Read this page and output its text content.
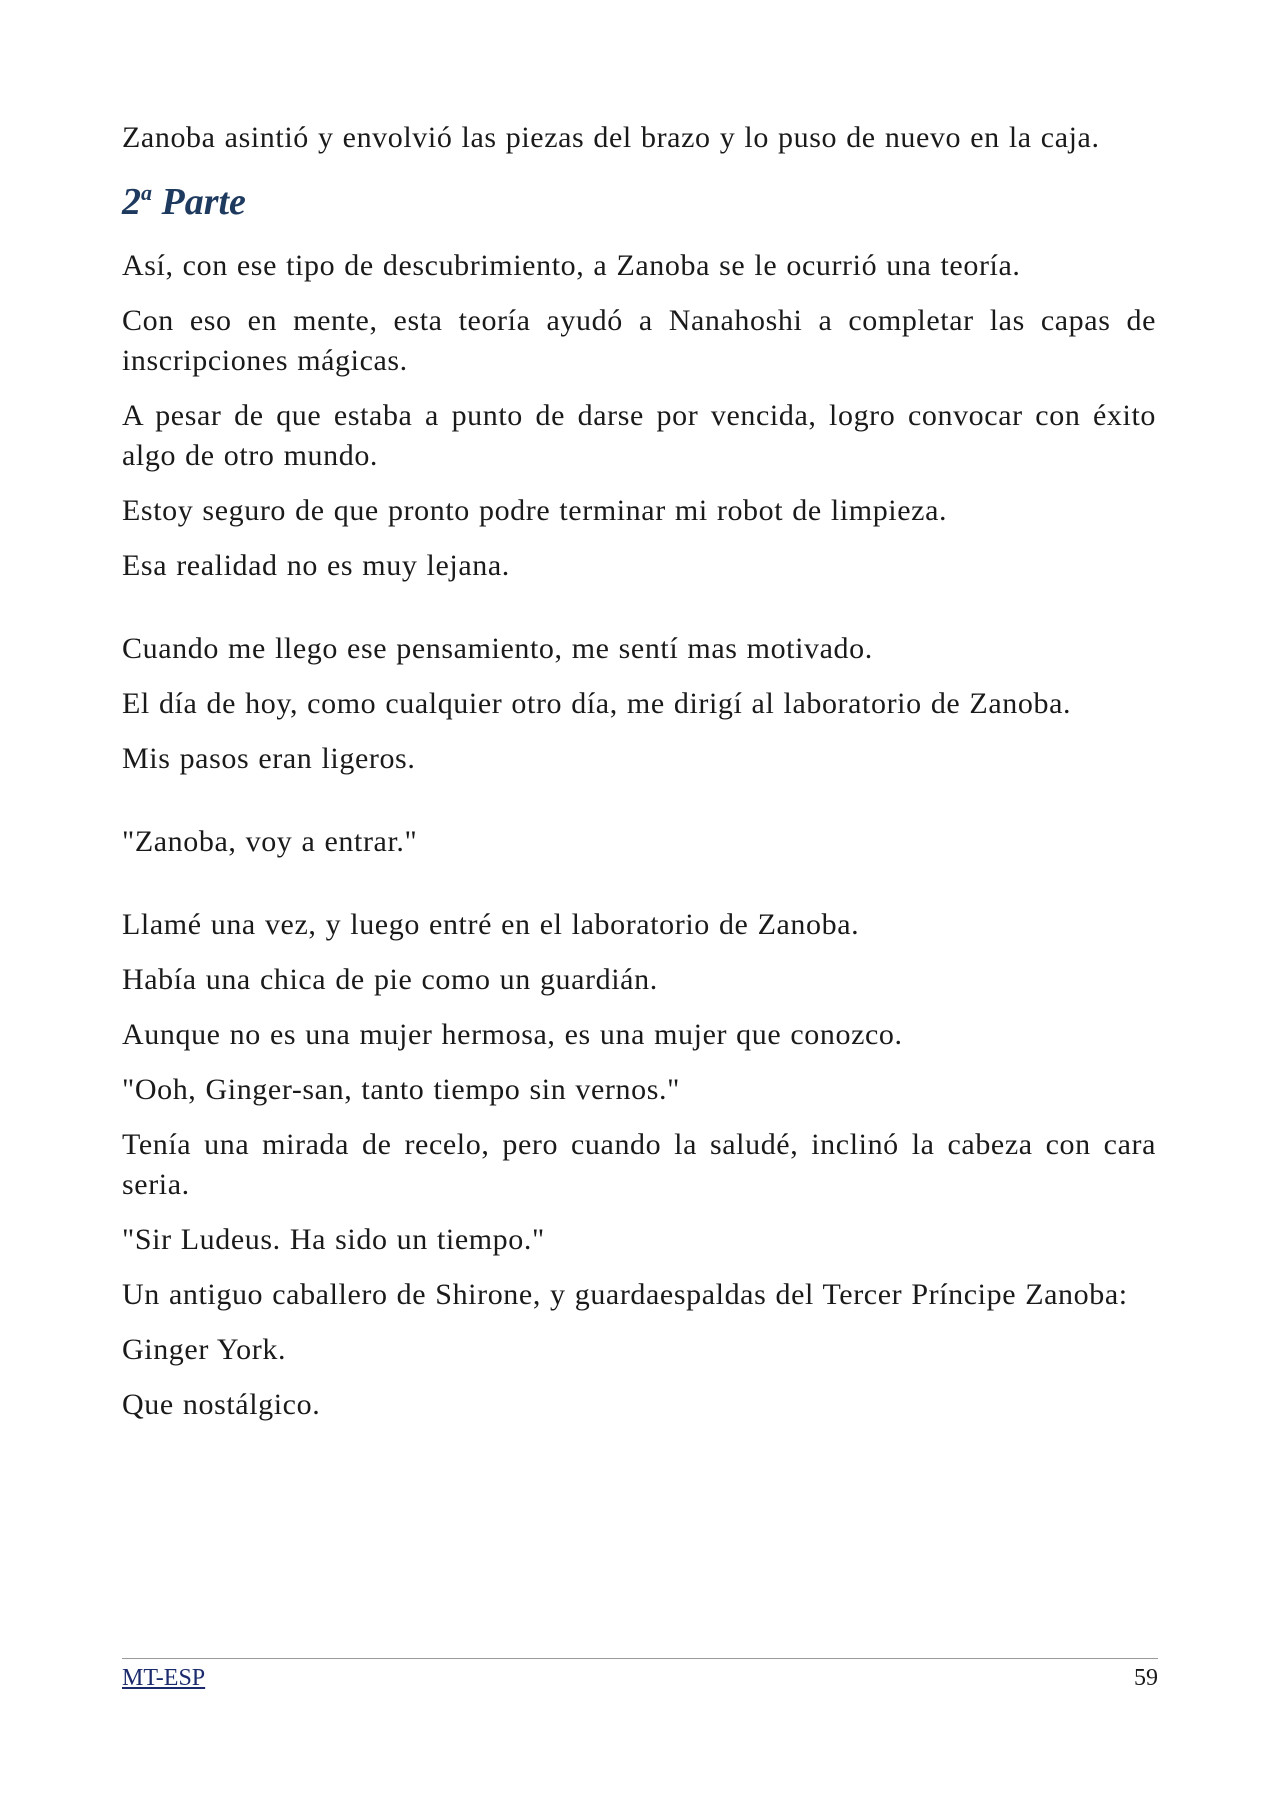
Zanoba asintió y envolvió las piezas del brazo y lo puso de nuevo en la caja.

2$^a$ Parte

Así, con ese tipo de descubrimiento, a Zanoba se le ocurrió una teoría.

Con eso en mente, esta teoría ayudó a Nanahoshi a completar las capas de inscripciones mágicas.

A pesar de que estaba a punto de darse por vencida, logro convocar con éxito algo de otro mundo.

Estoy seguro de que pronto podre terminar mi robot de limpieza.

Esa realidad no es muy lejana.

Cuando me llego ese pensamiento, me sentí mas motivado.

El día de hoy, como cualquier otro día, me dirigí al laboratorio de Zanoba.

Mis pasos eran ligeros.

"Zanoba, voy a entrar."

Llamé una vez, y luego entré en el laboratorio de Zanoba.

Había una chica de pie como un guardián.

Aunque no es una mujer hermosa, es una mujer que conozco.

"Ooh, Ginger-san, tanto tiempo sin vernos."

Tenía una mirada de recelo, pero cuando la saludé, inclinó la cabeza con cara seria.

"Sir Ludeus. Ha sido un tiempo."

Un antiguo caballero de Shirone, y guardaespaldas del Tercer Príncipe Zanoba:

Ginger York.

Que nostálgico.

MT-ESP	59
